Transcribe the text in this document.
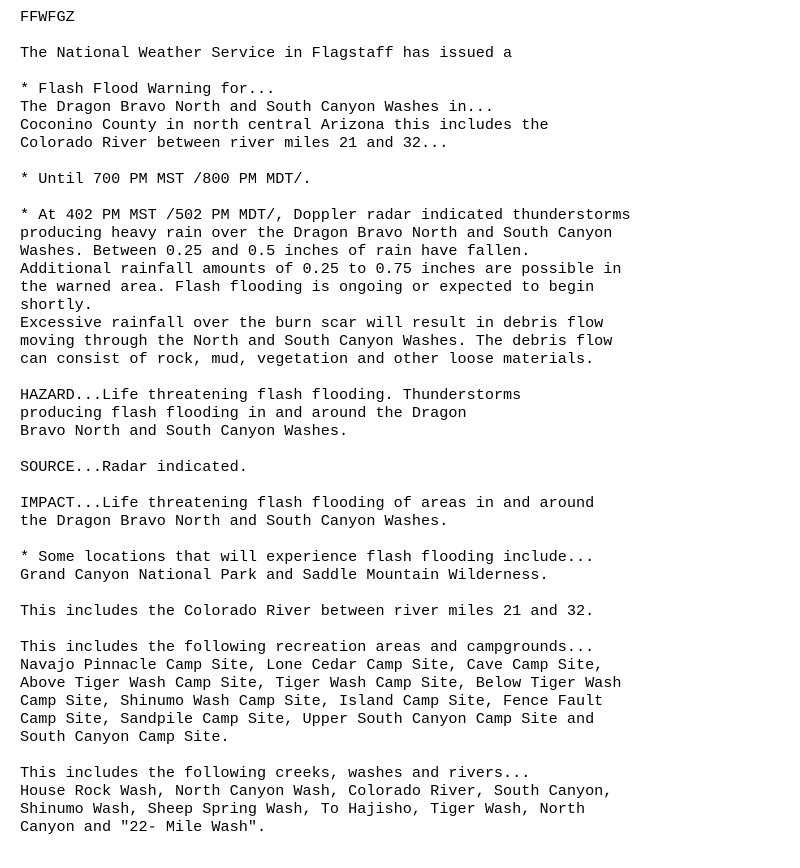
FFWFGZ

The National Weather Service in Flagstaff has issued a

* Flash Flood Warning for...
The Dragon Bravo North and South Canyon Washes in...
Coconino County in north central Arizona this includes the
Colorado River between river miles 21 and 32...

* Until 700 PM MST /800 PM MDT/.

* At 402 PM MST /502 PM MDT/, Doppler radar indicated thunderstorms
producing heavy rain over the Dragon Bravo North and South Canyon
Washes. Between 0.25 and 0.5 inches of rain have fallen.
Additional rainfall amounts of 0.25 to 0.75 inches are possible in
the warned area. Flash flooding is ongoing or expected to begin
shortly.
Excessive rainfall over the burn scar will result in debris flow
moving through the North and South Canyon Washes. The debris flow
can consist of rock, mud, vegetation and other loose materials.

HAZARD...Life threatening flash flooding. Thunderstorms
producing flash flooding in and around the Dragon
Bravo North and South Canyon Washes.

SOURCE...Radar indicated.

IMPACT...Life threatening flash flooding of areas in and around
the Dragon Bravo North and South Canyon Washes.

* Some locations that will experience flash flooding include...
Grand Canyon National Park and Saddle Mountain Wilderness.

This includes the Colorado River between river miles 21 and 32.

This includes the following recreation areas and campgrounds...
Navajo Pinnacle Camp Site, Lone Cedar Camp Site, Cave Camp Site,
Above Tiger Wash Camp Site, Tiger Wash Camp Site, Below Tiger Wash
Camp Site, Shinumo Wash Camp Site, Island Camp Site, Fence Fault
Camp Site, Sandpile Camp Site, Upper South Canyon Camp Site and
South Canyon Camp Site.

This includes the following creeks, washes and rivers...
House Rock Wash, North Canyon Wash, Colorado River, South Canyon,
Shinumo Wash, Sheep Spring Wash, To Hajisho, Tiger Wash, North
Canyon and "22- Mile Wash".
